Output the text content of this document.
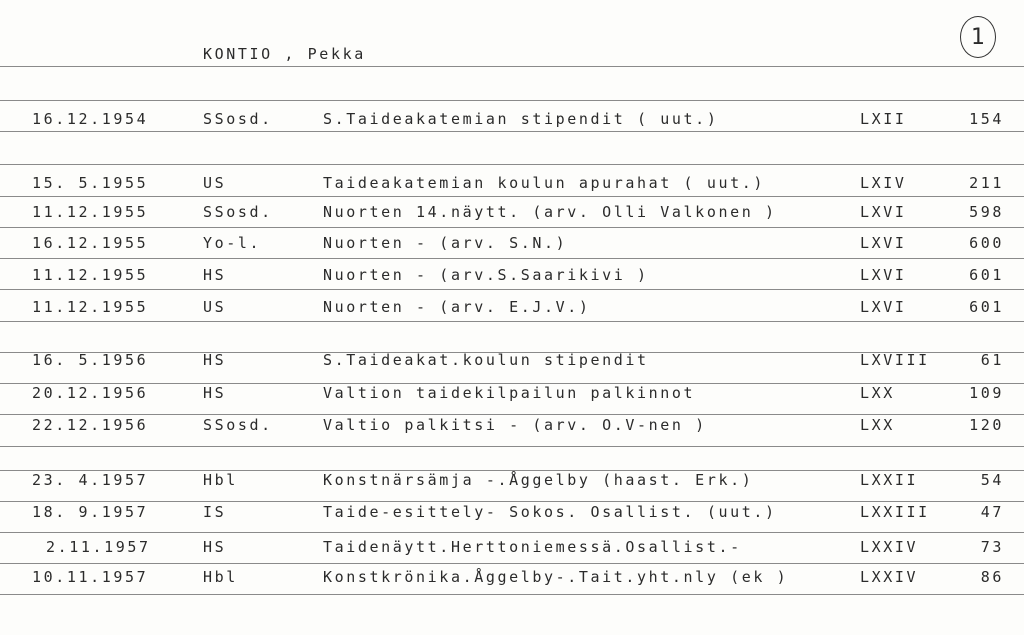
KONTIO , Pekka
1
16.12.1954	SSosd.	S.Taideakatemian stipendit ( uut.)	LXII	154
15. 5.1955	US	Taideakatemian koulun apurahat ( uut.)	LXIV	211
11.12.1955	SSosd.	Nuorten 14.näytt. (arv. Olli Valkonen )	LXVI	598
16.12.1955	Yo-l.	Nuorten - (arv. S.N.)	LXVI	600
11.12.1955	HS	Nuorten - (arv.S.Saarikivi )	LXVI	601
11.12.1955	US	Nuorten - (arv. E.J.V.)	LXVI	601
16. 5.1956	HS	S.Taideakat.koulun stipendit	LXVIII	61
20.12.1956	HS	Valtion taidekilpailun palkinnot	LXX	109
22.12.1956	SSosd.	Valtio palkitsi - (arv. O.V-nen )	LXX	120
23. 4.1957	Hbl	Konstnärsämja -.Åggelby (haast. Erk.)	LXXII	54
18. 9.1957	IS	Taide-esittely- Sokos. Osallist. (uut.)	LXXIII	47
2.11.1957	HS	Taidenäytt.Herttoniemessä.Osallist.-	LXXIV	73
10.11.1957	Hbl	Konstkrönika.Åggelby-.Tait.yht.nly (ek )	LXXIV	86
